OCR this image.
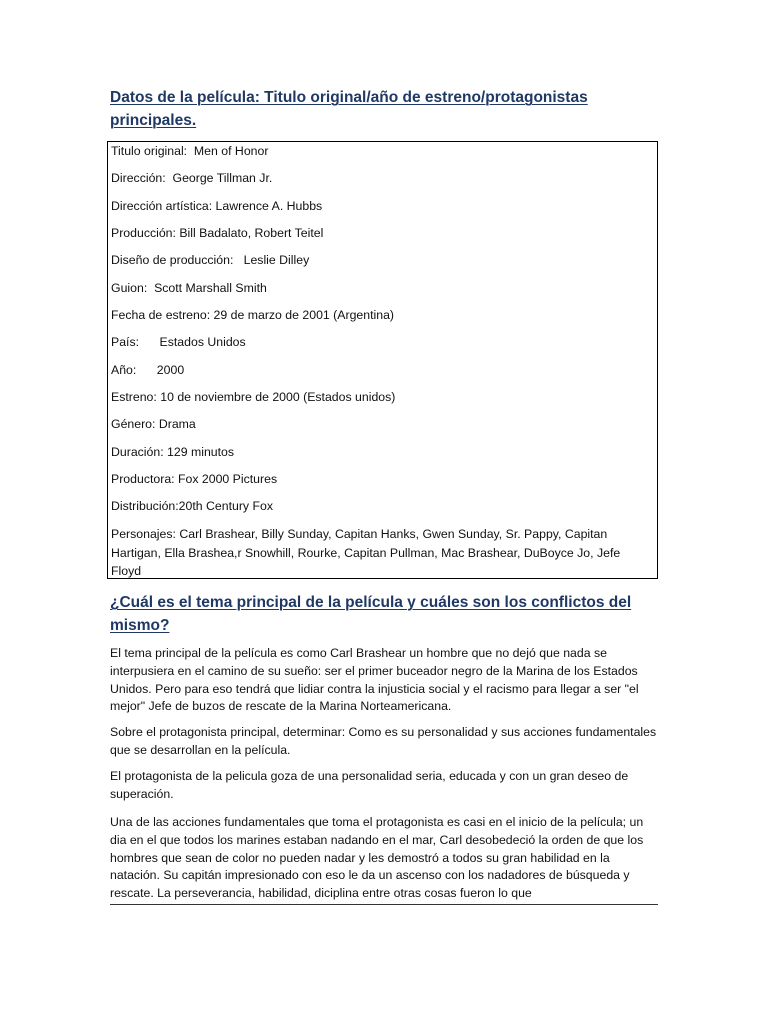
Datos de la película: Titulo original/año de estreno/protagonistas principales.

Titulo original:  Men of Honor

Dirección:  George Tillman Jr.

Dirección artística: Lawrence A. Hubbs

Producción: Bill Badalato, Robert Teitel

Diseño de producción:   Leslie Dilley

Guion:  Scott Marshall Smith

Fecha de estreno: 29 de marzo de 2001 (Argentina)

País:      Estados Unidos

Año:      2000

Estreno: 10 de noviembre de 2000 (Estados unidos)

Género: Drama

Duración: 129 minutos

Productora: Fox 2000 Pictures

Distribución:20th Century Fox

Personajes: Carl Brashear, Billy Sunday, Capitan Hanks, Gwen Sunday, Sr. Pappy, Capitan Hartigan, Ella Brashea,r Snowhill, Rourke, Capitan Pullman, Mac Brashear, DuBoyce Jo, Jefe Floyd

¿Cuál es el tema principal de la película y cuáles son los conflictos del mismo?

El tema principal de la película es como Carl Brashear un hombre que no dejó que nada se interpusiera en el camino de su sueño: ser el primer buceador negro de la Marina de los Estados Unidos. Pero para eso tendrá que lidiar contra la injusticia social y el racismo para llegar a ser "el mejor" Jefe de buzos de rescate de la Marina Norteamericana.

Sobre el protagonista principal, determinar: Como es su personalidad y sus acciones fundamentales que se desarrollan en la película.

El protagonista de la pelicula goza de una personalidad seria, educada y con un gran deseo de superación.

Una de las acciones fundamentales que toma el protagonista es casi en el inicio de la película; un dia en el que todos los marines estaban nadando en el mar, Carl desobedeció la orden de que los hombres que sean de color no pueden nadar y les demostró a todos su gran habilidad en la natación. Su capitán impresionado con eso le da un ascenso con los nadadores de búsqueda y rescate. La perseverancia, habilidad, diciplina entre otras cosas fueron lo que
